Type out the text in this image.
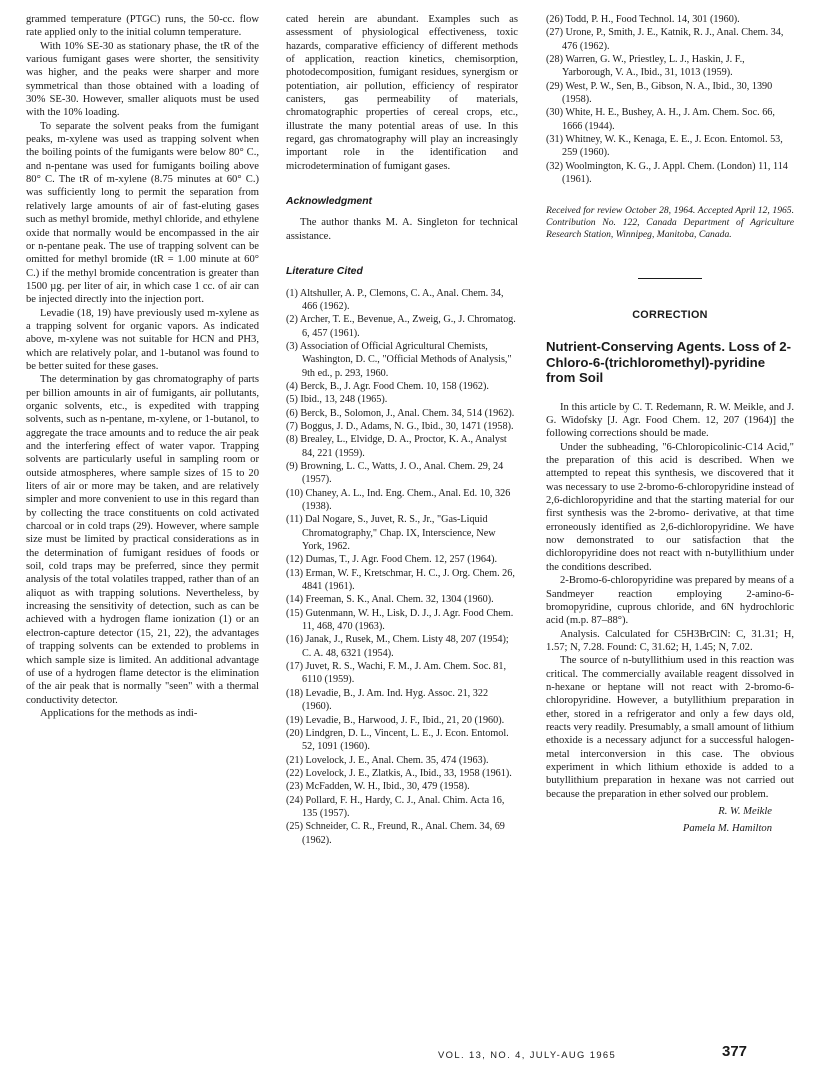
grammed temperature (PTGC) runs, the 50-cc. flow rate applied only to the initial column temperature.

With 10% SE-30 as stationary phase, the tR of the various fumigant gases were shorter, the sensitivity was higher, and the peaks were sharper and more symmetrical than those obtained with a loading of 30% SE-30. However, smaller aliquots must be used with the 10% loading.

To separate the solvent peaks from the fumigant peaks, m-xylene was used as trapping solvent when the boiling points of the fumigants were below 80° C., and n-pentane was used for fumigants boiling above 80° C. The tR of m-xylene (8.75 minutes at 60° C.) was sufficiently long to permit the separation from relatively large amounts of air of fast-eluting gases such as methyl bromide, methyl chloride, and ethylene oxide that normally would be encompassed in the air or n-pentane peak. The use of trapping solvent can be omitted for methyl bromide (tR = 1.00 minute at 60° C.) if the methyl bromide concentration is greater than 1500 µg. per liter of air, in which case 1 cc. of air can be injected directly into the injection port.

Levadie (18, 19) have previously used m-xylene as a trapping solvent for organic vapors. As indicated above, m-xylene was not suitable for HCN and PH3, which are relatively polar, and 1-butanol was found to be better suited for these gases.

The determination by gas chromatography of parts per billion amounts in air of fumigants, air pollutants, organic solvents, etc., is expedited with trapping solvents, such as n-pentane, m-xylene, or 1-butanol, to aggregate the trace amounts and to reduce the air peak and the interfering effect of water vapor. Trapping solvents are particularly useful in sampling room or outside atmospheres, where sample sizes of 15 to 20 liters of air or more may be taken, and are relatively simpler and more convenient to use in this regard than by collecting the trace constituents on cold activated charcoal or in cold traps (29). However, where sample size must be limited by practical considerations as in the determination of fumigant residues of foods or soil, cold traps may be preferred, since they permit analysis of the total volatiles trapped, rather than of an aliquot as with trapping solutions. Nevertheless, by increasing the sensitivity of detection, such as can be achieved with a hydrogen flame ionization (1) or an electron-capture detector (15, 21, 22), the advantages of trapping solvents can be extended to problems in which sample size is limited. An additional advantage of use of a hydrogen flame detector is the elimination of the air peak that is normally "seen" with a thermal conductivity detector.

Applications for the methods as indi-

cated herein are abundant. Examples such as assessment of physiological effectiveness, toxic hazards, comparative efficiency of different methods of application, reaction kinetics, chemisorption, photodecomposition, fumigant residues, synergism or potentiation, air pollution, efficiency of respirator canisters, gas permeability of materials, chromatographic properties of cereal crops, etc., illustrate the many potential areas of use. In this regard, gas chromatography will play an increasingly important role in the identification and microdetermination of fumigant gases.

Acknowledgment

The author thanks M. A. Singleton for technical assistance.

Literature Cited
(1) Altshuller, A. P., Clemons, C. A., Anal. Chem. 34, 466 (1962).
(2) Archer, T. E., Bevenue, A., Zweig, G., J. Chromatog. 6, 457 (1961).
(3) Association of Official Agricultural Chemists, Washington, D. C., "Official Methods of Analysis," 9th ed., p. 293, 1960.
(4) Berck, B., J. Agr. Food Chem. 10, 158 (1962).
(5) Ibid., 13, 248 (1965).
(6) Berck, B., Solomon, J., Anal. Chem. 34, 514 (1962).
(7) Boggus, J. D., Adams, N. G., Ibid., 30, 1471 (1958).
(8) Brealey, L., Elvidge, D. A., Proctor, K. A., Analyst 84, 221 (1959).
(9) Browning, L. C., Watts, J. O., Anal. Chem. 29, 24 (1957).
(10) Chaney, A. L., Ind. Eng. Chem., Anal. Ed. 10, 326 (1938).
(11) Dal Nogare, S., Juvet, R. S., Jr., "Gas-Liquid Chromatography," Chap. IX, Interscience, New York, 1962.
(12) Dumas, T., J. Agr. Food Chem. 12, 257 (1964).
(13) Erman, W. F., Kretschmar, H. C., J. Org. Chem. 26, 4841 (1961).
(14) Freeman, S. K., Anal. Chem. 32, 1304 (1960).
(15) Gutenmann, W. H., Lisk, D. J., J. Agr. Food Chem. 11, 468, 470 (1963).
(16) Janak, J., Rusek, M., Chem. Listy 48, 207 (1954); C. A. 48, 6321 (1954).
(17) Juvet, R. S., Wachi, F. M., J. Am. Chem. Soc. 81, 6110 (1959).
(18) Levadie, B., J. Am. Ind. Hyg. Assoc. 21, 322 (1960).
(19) Levadie, B., Harwood, J. F., Ibid., 21, 20 (1960).
(20) Lindgren, D. L., Vincent, L. E., J. Econ. Entomol. 52, 1091 (1960).
(21) Lovelock, J. E., Anal. Chem. 35, 474 (1963).
(22) Lovelock, J. E., Zlatkis, A., Ibid., 33, 1958 (1961).
(23) McFadden, W. H., Ibid., 30, 479 (1958).
(24) Pollard, F. H., Hardy, C. J., Anal. Chim. Acta 16, 135 (1957).
(25) Schneider, C. R., Freund, R., Anal. Chem. 34, 69 (1962).
(26) Todd, P. H., Food Technol. 14, 301 (1960).
(27) Urone, P., Smith, J. E., Katnik, R. J., Anal. Chem. 34, 476 (1962).
(28) Warren, G. W., Priestley, L. J., Haskin, J. F., Yarborough, V. A., Ibid., 31, 1013 (1959).
(29) West, P. W., Sen, B., Gibson, N. A., Ibid., 30, 1390 (1958).
(30) White, H. E., Bushey, A. H., J. Am. Chem. Soc. 66, 1666 (1944).
(31) Whitney, W. K., Kenaga, E. E., J. Econ. Entomol. 53, 259 (1960).
(32) Woolmington, K. G., J. Appl. Chem. (London) 11, 114 (1961).

Received for review October 28, 1964. Accepted April 12, 1965. Contribution No. 122, Canada Department of Agriculture Research Station, Winnipeg, Manitoba, Canada.

CORRECTION
Nutrient-Conserving Agents. Loss of 2-Chloro-6-(trichloromethyl)-pyridine from Soil

In this article by C. T. Redemann, R. W. Meikle, and J. G. Widofsky [J. Agr. Food Chem. 12, 207 (1964)] the following corrections should be made.

Under the subheading, "6-Chloropicolinic-C14 Acid," the preparation of this acid is described. When we attempted to repeat this synthesis, we discovered that it was necessary to use 2-bromo-6-chloropyridine instead of 2,6-dichloropyridine and that the starting material for our first synthesis was the 2-bromo- derivative, at that time erroneously identified as 2,6-dichloropyridine. We have now demonstrated to our satisfaction that the dichloropyridine does not react with n-butyllithium under the conditions described.

2-Bromo-6-chloropyridine was prepared by means of a Sandmeyer reaction employing 2-amino-6-bromopyridine, cuprous chloride, and 6N hydrochloric acid (m.p. 87–88°).

Analysis. Calculated for C5H3BrClN: C, 31.31; H, 1.57; N, 7.28. Found: C, 31.62; H, 1.45; N, 7.02.

The source of n-butyllithium used in this reaction was critical. The commercially available reagent dissolved in n-hexane or heptane will not react with 2-bromo-6-chloropyridine. However, a butyllithium preparation in ether, stored in a refrigerator and only a few days old, reacts very readily. Presumably, a small amount of lithium ethoxide is a necessary adjunct for a successful halogen-metal interconversion in this case. The obvious experiment in which lithium ethoxide is added to a butyllithium preparation in hexane was not carried out because the preparation in ether solved our problem.

R. W. Meikle
Pamela M. Hamilton
VOL. 13, NO. 4, JULY-AUG 1965	377
